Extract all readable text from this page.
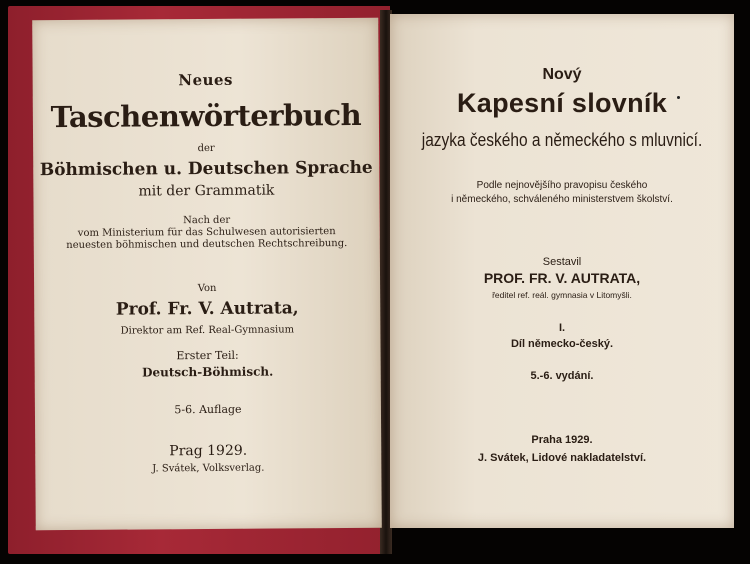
Neues
Taschenwörterbuch
der
Böhmischen u. Deutschen Sprache
mit der Grammatik
Nach der
vom Ministerium für das Schulwesen autorisierten
neuesten böhmischen und deutschen Rechtschreibung.
Von
Prof. Fr. V. Autrata,
Direktor am Ref. Real-Gymnasium
Erster Teil:
Deutsch-Böhmisch.
5-6. Auflage
Prag 1929.
J. Svátek, Volksverlag.
Nový
Kapesní slovník
jazyka českého a německého s mluvnicí.
Podle nejnovějšího pravopisu českého
i německého, schváleného ministerstvem školství.
Sestavil
PROF. FR. V. AUTRATA,
ředitel ref. reál. gymnasia v Litomyšli.
I.
Díl německo-český.
5.-6. vydání.
Praha 1929.
J. Svátek, Lidové nakladatelství.
